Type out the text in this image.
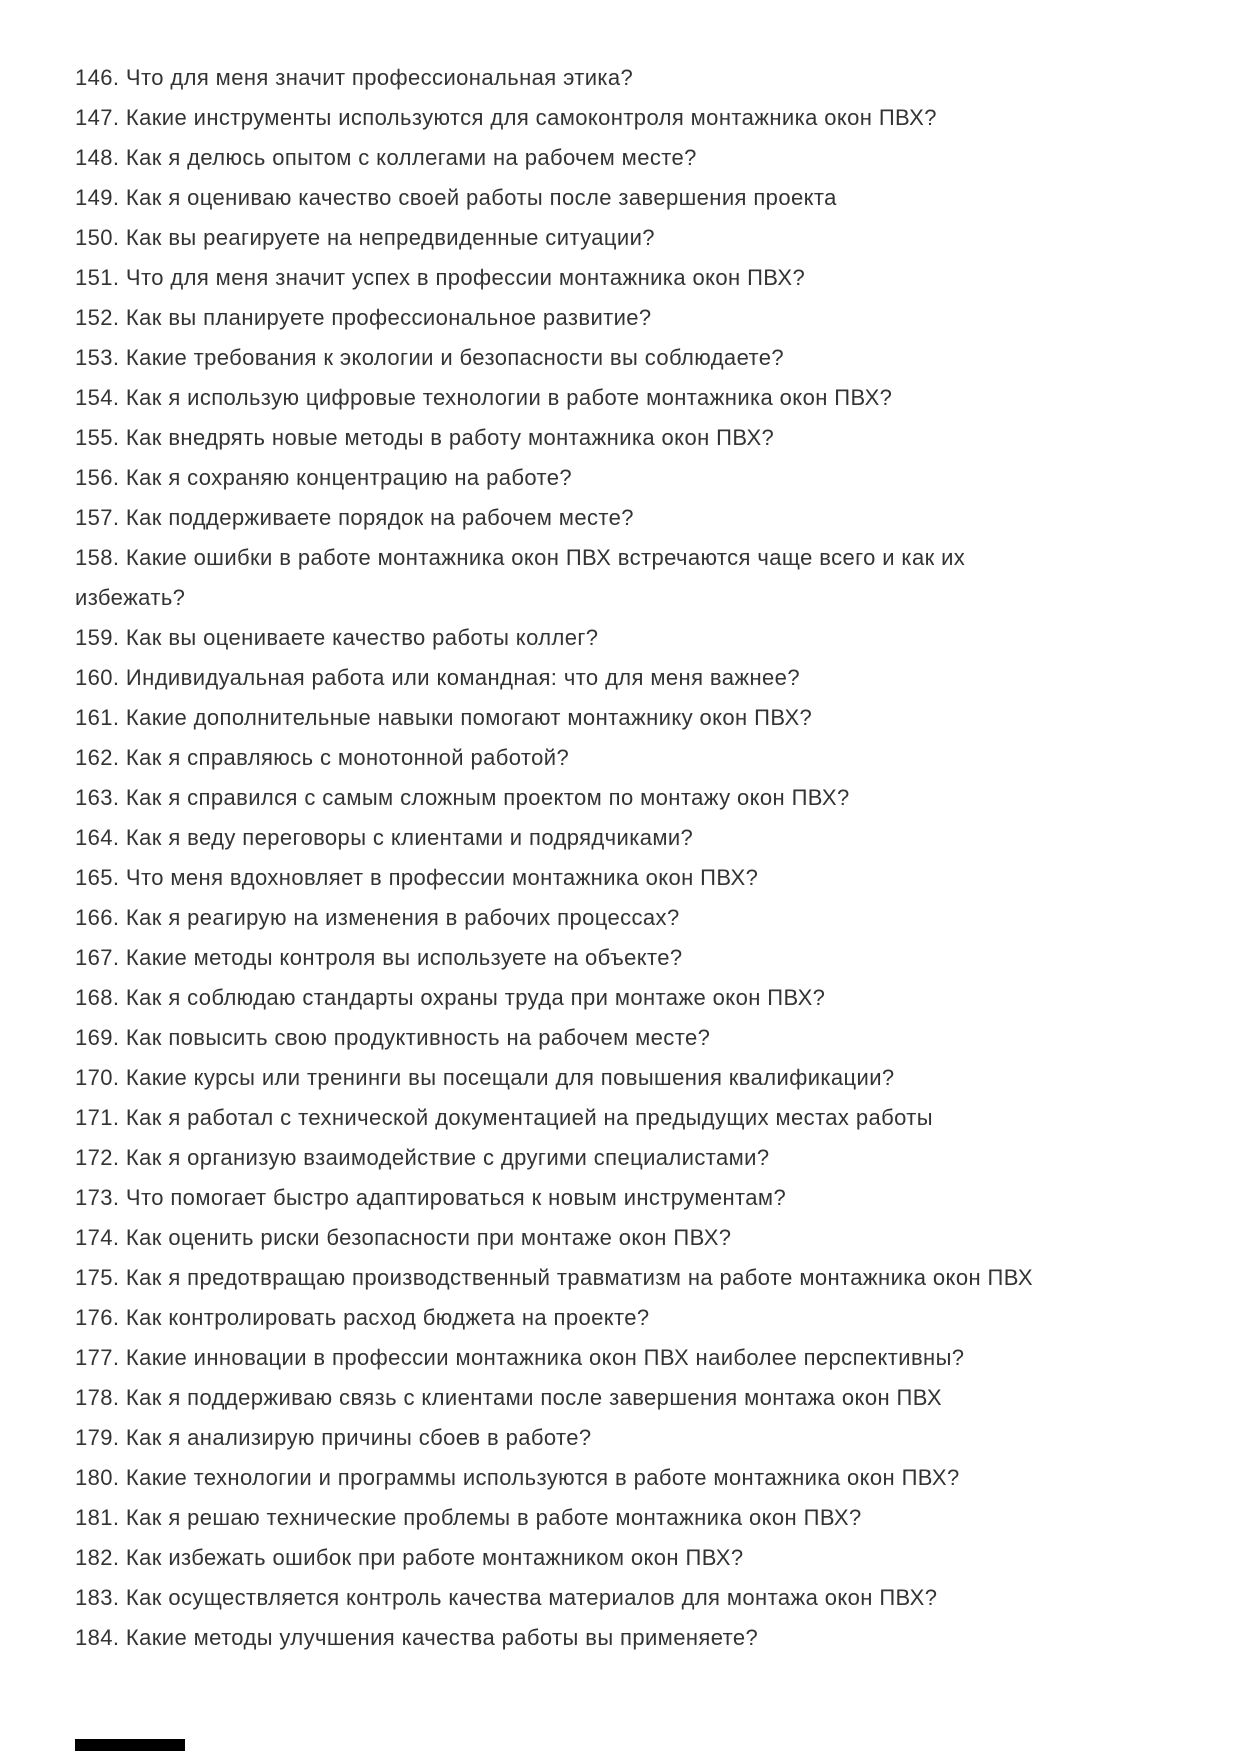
146. Что для меня значит профессиональная этика?
147. Какие инструменты используются для самоконтроля монтажника окон ПВХ?
148. Как я делюсь опытом с коллегами на рабочем месте?
149. Как я оцениваю качество своей работы после завершения проекта
150. Как вы реагируете на непредвиденные ситуации?
151. Что для меня значит успех в профессии монтажника окон ПВХ?
152. Как вы планируете профессиональное развитие?
153. Какие требования к экологии и безопасности вы соблюдаете?
154. Как я использую цифровые технологии в работе монтажника окон ПВХ?
155. Как внедрять новые методы в работу монтажника окон ПВХ?
156. Как я сохраняю концентрацию на работе?
157. Как поддерживаете порядок на рабочем месте?
158. Какие ошибки в работе монтажника окон ПВХ встречаются чаще всего и как их
избежать?
159. Как вы оцениваете качество работы коллег?
160. Индивидуальная работа или командная: что для меня важнее?
161. Какие дополнительные навыки помогают монтажнику окон ПВХ?
162. Как я справляюсь с монотонной работой?
163. Как я справился с самым сложным проектом по монтажу окон ПВХ?
164. Как я веду переговоры с клиентами и подрядчиками?
165. Что меня вдохновляет в профессии монтажника окон ПВХ?
166. Как я реагирую на изменения в рабочих процессах?
167. Какие методы контроля вы используете на объекте?
168. Как я соблюдаю стандарты охраны труда при монтаже окон ПВХ?
169. Как повысить свою продуктивность на рабочем месте?
170. Какие курсы или тренинги вы посещали для повышения квалификации?
171. Как я работал с технической документацией на предыдущих местах работы
172. Как я организую взаимодействие с другими специалистами?
173. Что помогает быстро адаптироваться к новым инструментам?
174. Как оценить риски безопасности при монтаже окон ПВХ?
175. Как я предотвращаю производственный травматизм на работе монтажника окон ПВХ
176. Как контролировать расход бюджета на проекте?
177. Какие инновации в профессии монтажника окон ПВХ наиболее перспективны?
178. Как я поддерживаю связь с клиентами после завершения монтажа окон ПВХ
179. Как я анализирую причины сбоев в работе?
180. Какие технологии и программы используются в работе монтажника окон ПВХ?
181. Как я решаю технические проблемы в работе монтажника окон ПВХ?
182. Как избежать ошибок при работе монтажником окон ПВХ?
183. Как осуществляется контроль качества материалов для монтажа окон ПВХ?
184. Какие методы улучшения качества работы вы применяете?
